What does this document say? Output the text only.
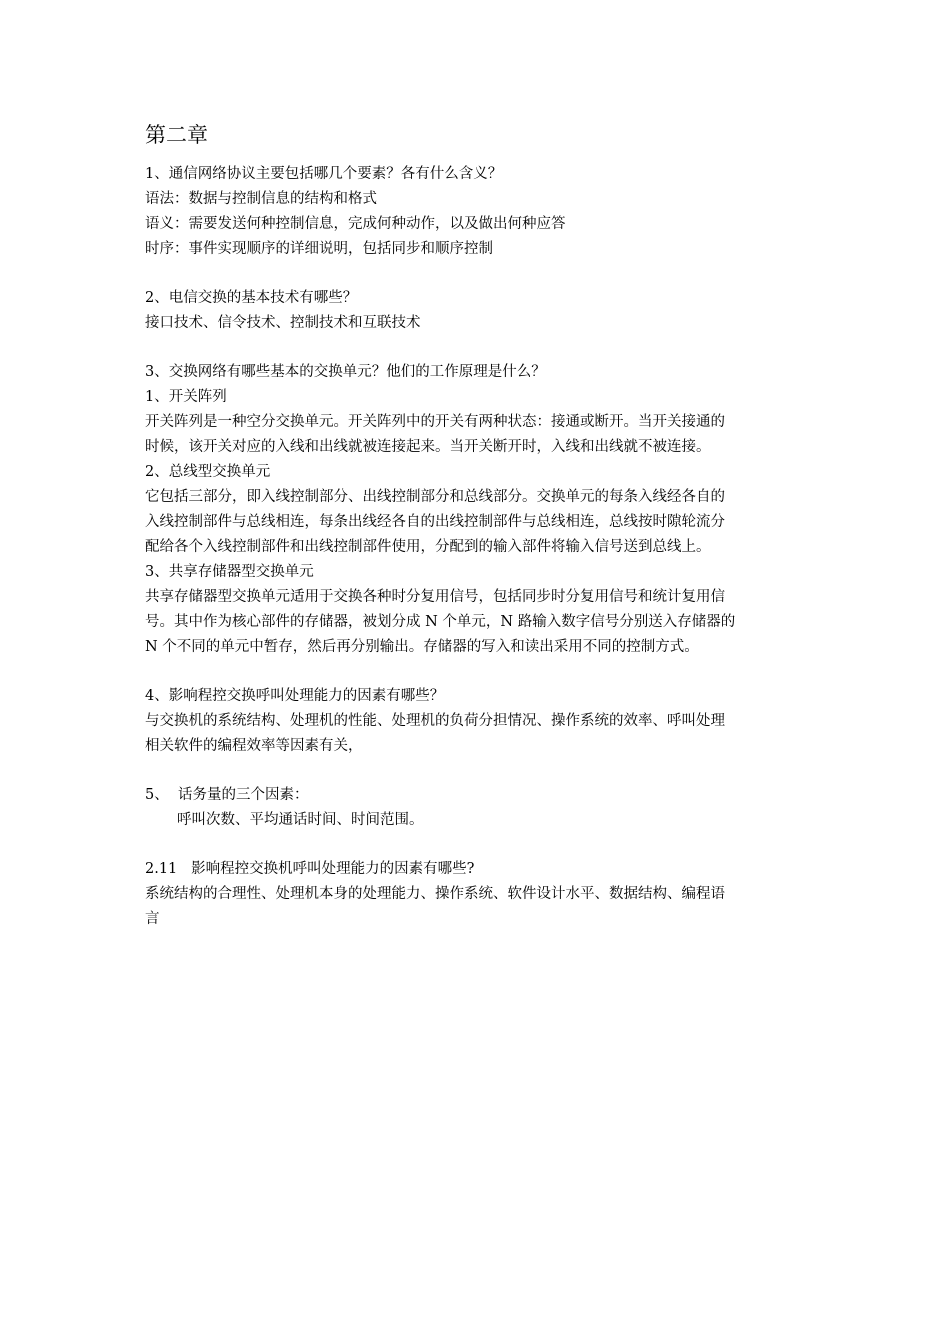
第二章

1、通信网络协议主要包括哪几个要素？各有什么含义？

语法：数据与控制信息的结构和格式

语义：需要发送何种控制信息，完成何种动作，以及做出何种应答

时序：事件实现顺序的详细说明，包括同步和顺序控制

2、电信交换的基本技术有哪些？

接口技术、信令技术、控制技术和互联技术

3、交换网络有哪些基本的交换单元？他们的工作原理是什么？

1、开关阵列

开关阵列是一种空分交换单元。开关阵列中的开关有两种状态：接通或断开。当开关接通的

时候，该开关对应的入线和出线就被连接起来。当开关断开时，入线和出线就不被连接。

2、总线型交换单元

它包括三部分，即入线控制部分、出线控制部分和总线部分。交换单元的每条入线经各自的

入线控制部件与总线相连，每条出线经各自的出线控制部件与总线相连，总线按时隙轮流分

配给各个入线控制部件和出线控制部件使用，分配到的输入部件将输入信号送到总线上。

3、共享存储器型交换单元

共享存储器型交换单元适用于交换各种时分复用信号，包括同步时分复用信号和统计复用信

号。其中作为核心部件的存储器，被划分成 N 个单元，N 路输入数字信号分别送入存储器的

N 个不同的单元中暂存，然后再分别输出。存储器的写入和读出采用不同的控制方式。

4、影响程控交换呼叫处理能力的因素有哪些？

与交换机的系统结构、处理机的性能、处理机的负荷分担情况、操作系统的效率、呼叫处理

相关软件的编程效率等因素有关，

5、  话务量的三个因素：

呼叫次数、平均通话时间、时间范围。

2.11   影响程控交换机呼叫处理能力的因素有哪些?

系统结构的合理性、处理机本身的处理能力、操作系统、软件设计水平、数据结构、编程语

言
